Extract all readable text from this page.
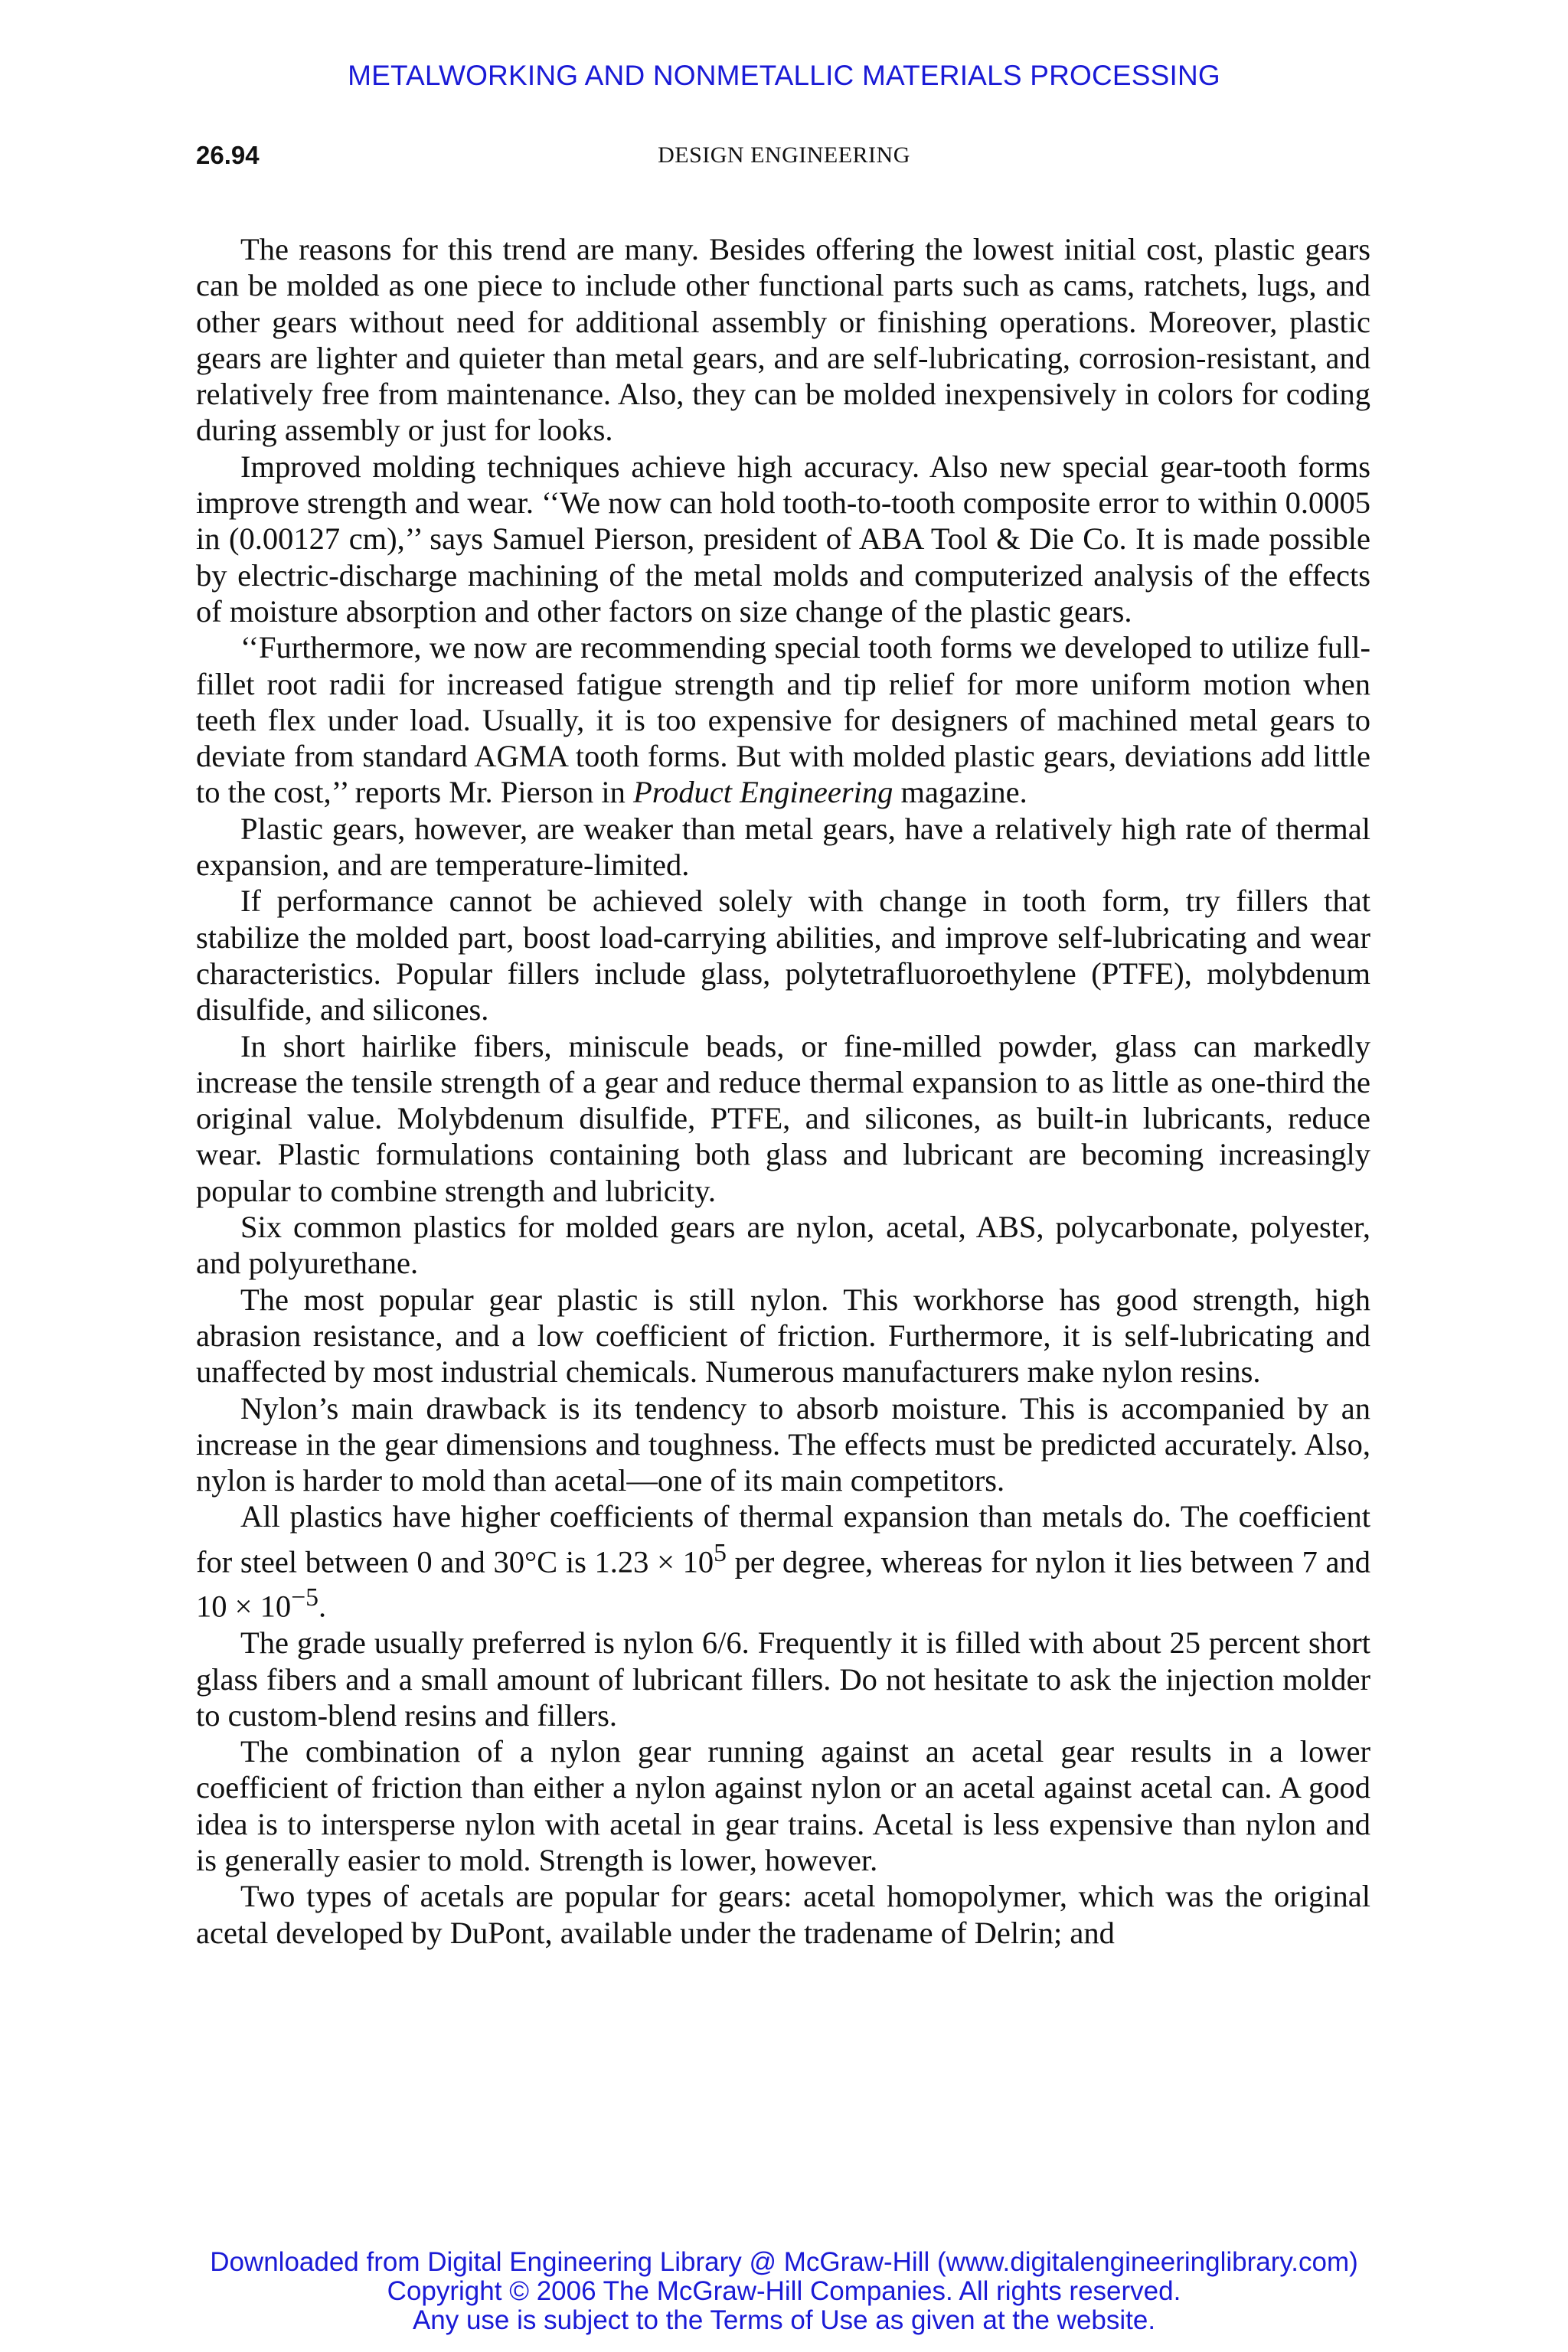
METALWORKING AND NONMETALLIC MATERIALS PROCESSING
26.94	DESIGN ENGINEERING

The reasons for this trend are many. Besides offering the lowest initial cost, plastic gears can be molded as one piece to include other functional parts such as cams, ratchets, lugs, and other gears without need for additional assembly or finishing operations. Moreover, plastic gears are lighter and quieter than metal gears, and are self-lubricating, corrosion-resistant, and relatively free from maintenance. Also, they can be molded inexpensively in colors for coding during assembly or just for looks.

Improved molding techniques achieve high accuracy. Also new special gear-tooth forms improve strength and wear. ‘‘We now can hold tooth-to-tooth composite error to within 0.0005 in (0.00127 cm),’’ says Samuel Pierson, president of ABA Tool & Die Co. It is made possible by electric-discharge machining of the metal molds and computerized analysis of the effects of moisture absorption and other factors on size change of the plastic gears.

‘‘Furthermore, we now are recommending special tooth forms we developed to utilize full-fillet root radii for increased fatigue strength and tip relief for more uniform motion when teeth flex under load. Usually, it is too expensive for designers of machined metal gears to deviate from standard AGMA tooth forms. But with molded plastic gears, deviations add little to the cost,’’ reports Mr. Pierson in Product Engineering magazine.

Plastic gears, however, are weaker than metal gears, have a relatively high rate of thermal expansion, and are temperature-limited.

If performance cannot be achieved solely with change in tooth form, try fillers that stabilize the molded part, boost load-carrying abilities, and improve self-lubricating and wear characteristics. Popular fillers include glass, polytetrafluoroethylene (PTFE), molybdenum disulfide, and silicones.

In short hairlike fibers, miniscule beads, or fine-milled powder, glass can markedly increase the tensile strength of a gear and reduce thermal expansion to as little as one-third the original value. Molybdenum disulfide, PTFE, and silicones, as built-in lubricants, reduce wear. Plastic formulations containing both glass and lubricant are becoming increasingly popular to combine strength and lubricity.

Six common plastics for molded gears are nylon, acetal, ABS, polycarbonate, polyester, and polyurethane.

The most popular gear plastic is still nylon. This workhorse has good strength, high abrasion resistance, and a low coefficient of friction. Furthermore, it is self-lubricating and unaffected by most industrial chemicals. Numerous manufacturers make nylon resins.

Nylon’s main drawback is its tendency to absorb moisture. This is accompanied by an increase in the gear dimensions and toughness. The effects must be predicted accurately. Also, nylon is harder to mold than acetal—one of its main competitors.

All plastics have higher coefficients of thermal expansion than metals do. The coefficient for steel between 0 and 30°C is $1.23 \times 10^5$ per degree, whereas for nylon it lies between 7 and $10 \times 10^{-5}$.

The grade usually preferred is nylon 6/6. Frequently it is filled with about 25 percent short glass fibers and a small amount of lubricant fillers. Do not hesitate to ask the injection molder to custom-blend resins and fillers.

The combination of a nylon gear running against an acetal gear results in a lower coefficient of friction than either a nylon against nylon or an acetal against acetal can. A good idea is to intersperse nylon with acetal in gear trains. Acetal is less expensive than nylon and is generally easier to mold. Strength is lower, however.

Two types of acetals are popular for gears: acetal homopolymer, which was the original acetal developed by DuPont, available under the tradename of Delrin; and

Downloaded from Digital Engineering Library @ McGraw-Hill (www.digitalengineeringlibrary.com)
Copyright © 2006 The McGraw-Hill Companies. All rights reserved.
Any use is subject to the Terms of Use as given at the website.
